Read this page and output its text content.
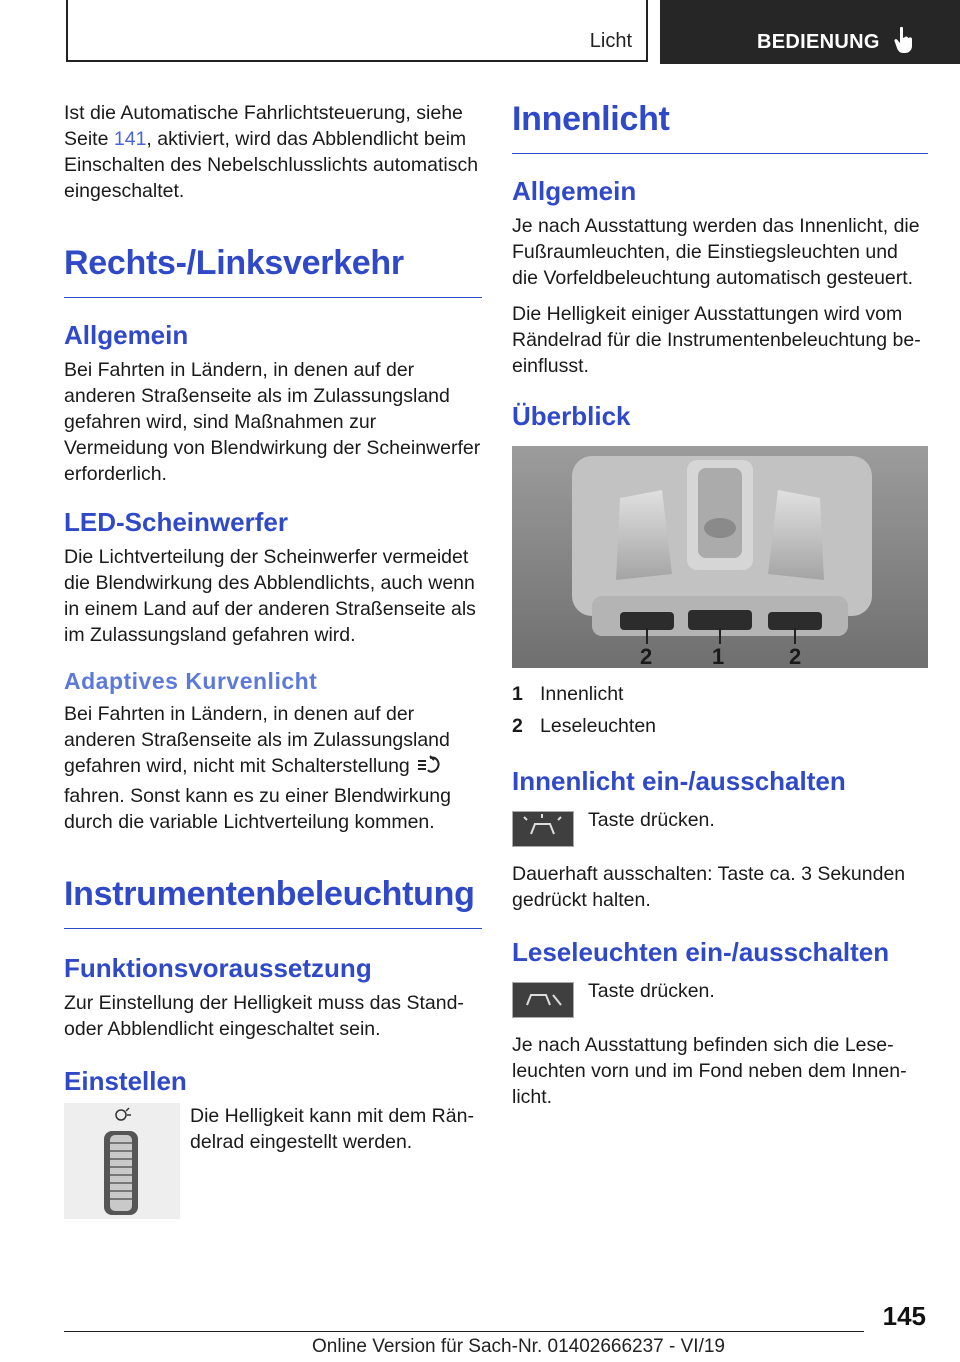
Licht	BEDIENUNG

Ist die Automatische Fahrlichtsteuerung, siehe Seite 141, aktiviert, wird das Abblendlicht beim Einschalten des Nebelschlusslichts automatisch eingeschaltet.

Rechts-/Linksverkehr
Allgemein

Bei Fahrten in Ländern, in denen auf der anderen Straßenseite als im Zulassungsland gefahren wird, sind Maßnahmen zur Vermeidung von Blendwirkung der Scheinwerfer erforderlich.

LED-Scheinwerfer

Die Lichtverteilung der Scheinwerfer vermeidet die Blendwirkung des Abblendlichts, auch wenn in einem Land auf der anderen Straßenseite als im Zulassungsland gefahren wird.

Adaptives Kurvenlicht

Bei Fahrten in Ländern, in denen auf der anderen Straßenseite als im Zulassungsland gefahren wird, nicht mit Schalterstellungfahren. Sonst kann es zu einer Blendwirkung durch die variable Lichtverteilung kommen.

Instrumentenbeleuchtung
Funktionsvoraussetzung

Zur Einstellung der Helligkeit muss das Stand- oder Abblendlicht eingeschaltet sein.

Einstellen

Die Helligkeit kann mit dem Rän- delrad eingestellt werden.

Innenlicht
Allgemein

Je nach Ausstattung werden das Innenlicht, die Fußraumleuchten, die Einstiegsleuchten und die Vorfeldbeleuchtung automatisch gesteuert.

Die Helligkeit einiger Ausstattungen wird vom Rändelrad für die Instrumentenbeleuchtung be- einflusst.

Überblick
2	1	2
1 Innenlicht
2 Leseleuchten
Innenlicht ein-/ausschalten

Taste drücken.

Dauerhaft ausschalten: Taste ca. 3 Sekunden gedrückt halten.

Leseleuchten ein-/ausschalten

Taste drücken.

Je nach Ausstattung befinden sich die Lese- leuchten vorn und im Fond neben dem Innen- licht.

145
Online Version für Sach-Nr. 01402666237 - VI/19
